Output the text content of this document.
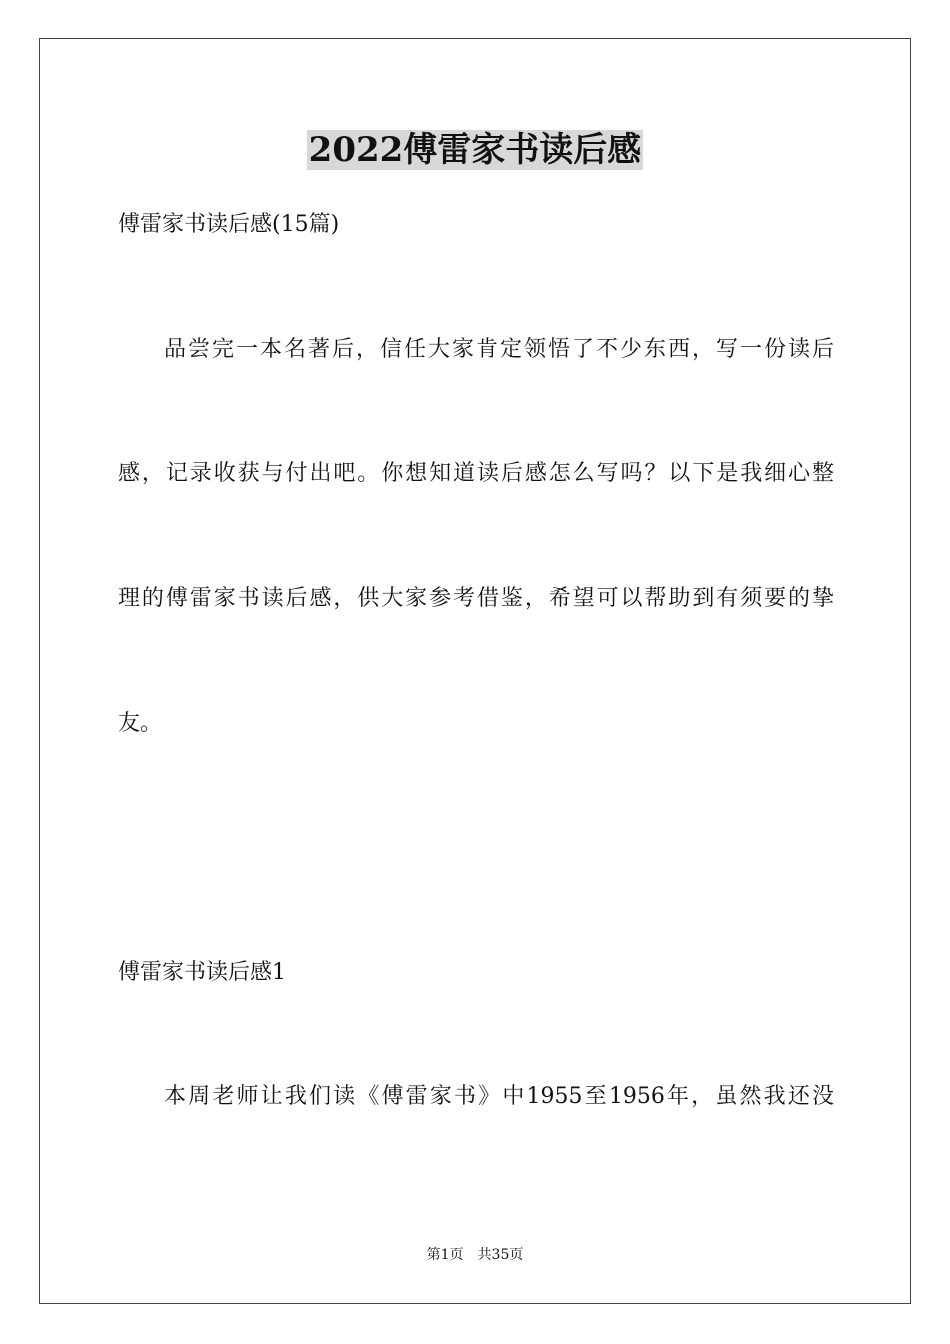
2022傅雷家书读后感
傅雷家书读后感(15篇)
品尝完一本名著后，信任大家肯定领悟了不少东西，写一份读后
感，记录收获与付出吧。你想知道读后感怎么写吗？以下是我细心整
理的傅雷家书读后感，供大家参考借鉴，希望可以帮助到有须要的挚
友。
傅雷家书读后感1
本周老师让我们读《傅雷家书》中1955至1956年，虽然我还没
第1页 共35页
